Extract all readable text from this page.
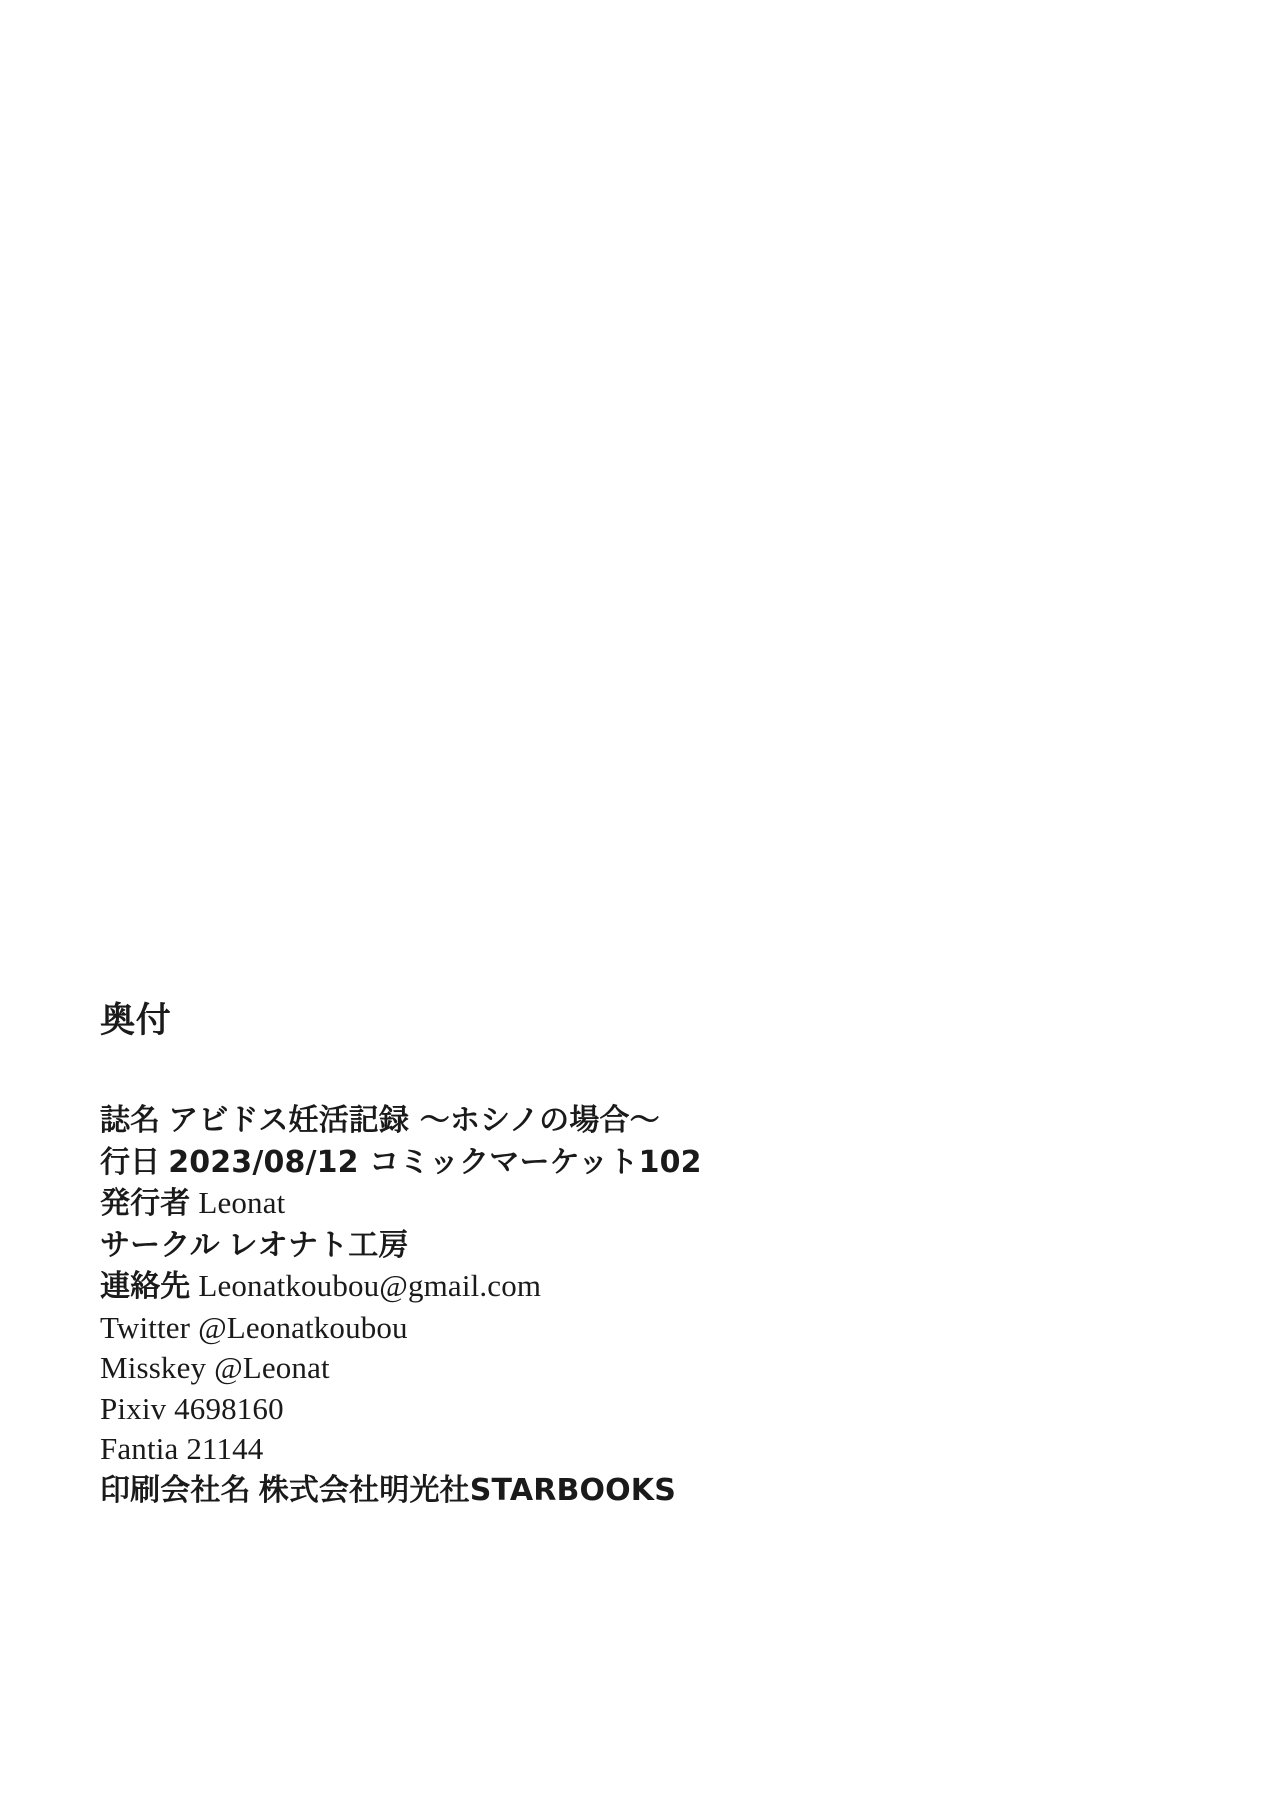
奥付
誌名 アビドス妊活記録 ～ホシノの場合～
行日 2023/08/12 コミックマーケット102
発行者 Leonat
サークル レオナト工房
連絡先 Leonatkoubou@gmail.com
Twitter @Leonatkoubou
Misskey @Leonat
Pixiv 4698160
Fantia 21144
印刷会社名 株式会社明光社STARBOOKS
